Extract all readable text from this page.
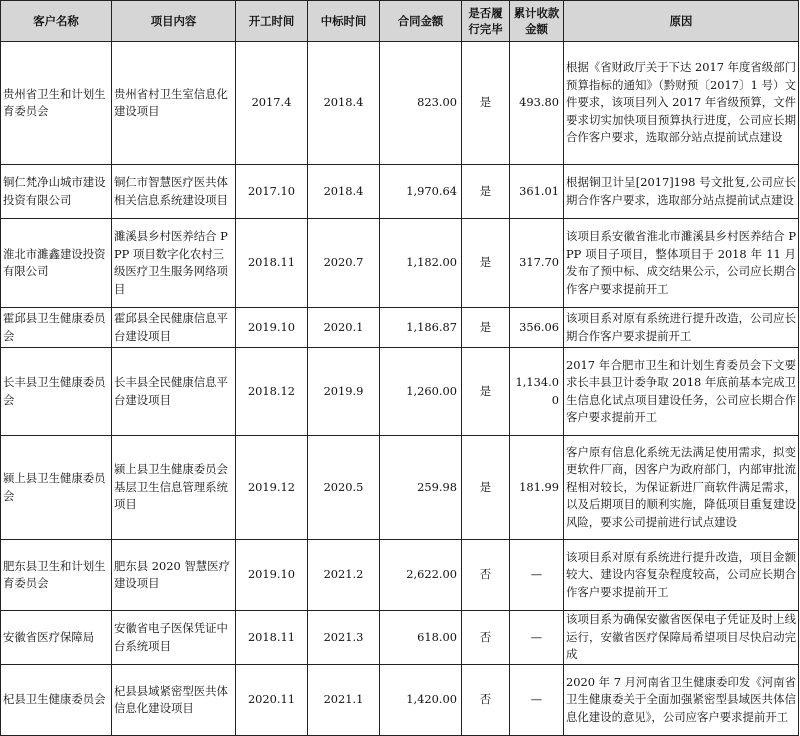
客户名称	项目内容	开工时间	中标时间	合同金额	是否履行完毕	累计收款金额	原因
贵州省卫生和计划生育委员会	贵州省村卫生室信息化建设项目	2017.4	2018.4	823.00	是	493.80	根据《省财政厅关于下达 2017 年度省级部门预算指标的通知》（黔财预〔2017〕1 号）文件要求，该项目列入 2017 年省级预算，文件要求切实加快项目预算执行进度，公司应长期合作客户要求，选取部分站点提前试点建设
铜仁梵净山城市建设投资有限公司	铜仁市智慧医疗医共体相关信息系统建设项目	2017.10	2018.4	1,970.64	是	361.01	根据铜卫计呈[2017]198 号文批复,公司应长期合作客户要求，选取部分站点提前试点建设
淮北市濉鑫建设投资有限公司	濉溪县乡村医养结合 PPP 项目数字化农村三级医疗卫生服务网络项目	2018.11	2020.7	1,182.00	是	317.70	该项目系安徽省淮北市濉溪县乡村医养结合 PPP 项目子项目，整体项目于 2018 年 11 月发布了预中标、成交结果公示，公司应长期合作客户要求提前开工
霍邱县卫生健康委员会	霍邱县全民健康信息平台建设项目	2019.10	2020.1	1,186.87	是	356.06	该项目系对原有系统进行提升改造，公司应长期合作客户要求提前开工
长丰县卫生健康委员会	长丰县全民健康信息平台建设项目	2018.12	2019.9	1,260.00	是	1,134.00	2017 年合肥市卫生和计划生育委员会下文要求长丰县卫计委争取 2018 年底前基本完成卫生信息化试点项目建设任务，公司应长期合作客户要求提前开工
颍上县卫生健康委员会	颍上县卫生健康委员会基层卫生信息管理系统项目	2019.12	2020.5	259.98	是	181.99	客户原有信息化系统无法满足使用需求，拟变更软件厂商，因客户为政府部门，内部审批流程相对较长，为保证新进厂商软件满足需求，以及后期项目的顺利实施，降低项目重复建设风险，要求公司提前进行试点建设
肥东县卫生和计划生育委员会	肥东县 2020 智慧医疗建设项目	2019.10	2021.2	2,622.00	否	—	该项目系对原有系统进行提升改造，项目金额较大、建设内容复杂程度较高，公司应长期合作客户要求提前开工
安徽省医疗保障局	安徽省电子医保凭证中台系统项目	2018.11	2021.3	618.00	否	—	该项目系为确保安徽省医保电子凭证及时上线运行，安徽省医疗保障局希望项目尽快启动完成
杞县卫生健康委员会	杞县县域紧密型医共体信息化建设项目	2020.11	2021.1	1,420.00	否	—	2020 年 7 月河南省卫生健康委印发《河南省卫生健康委关于全面加强紧密型县域医共体信息化建设的意见》，公司应客户要求提前开工
